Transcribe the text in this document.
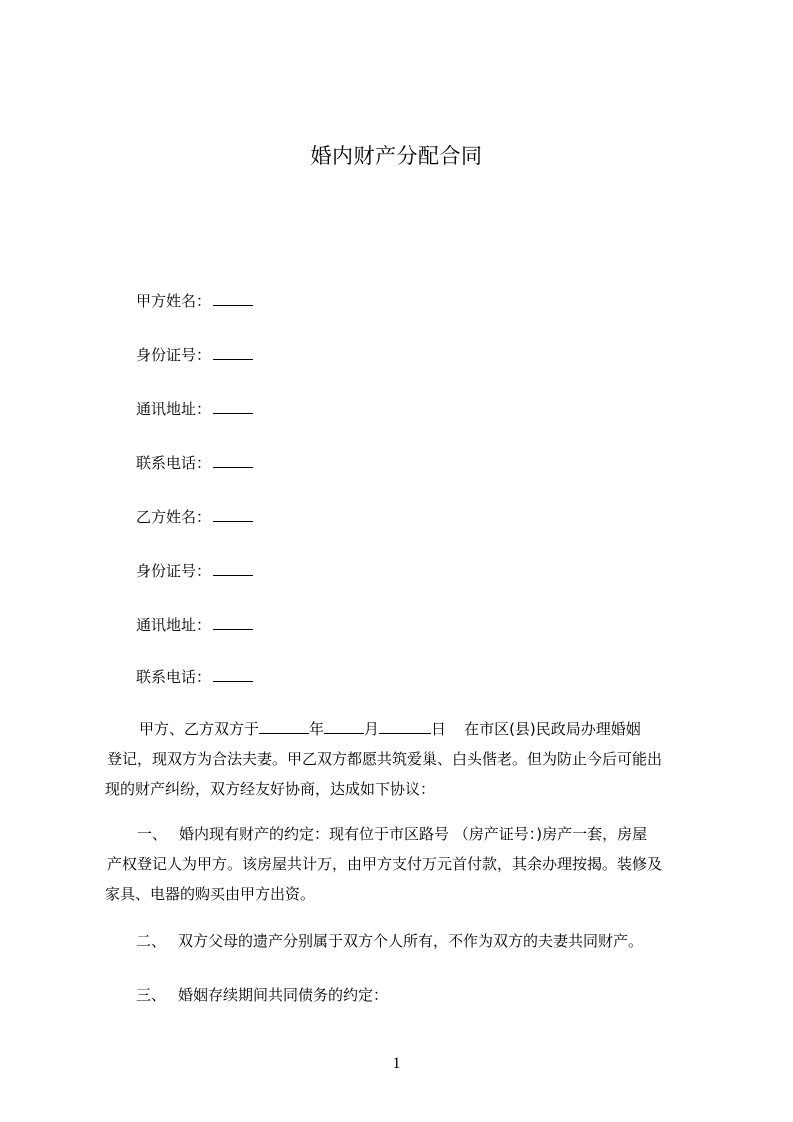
婚内财产分配合同
甲方姓名：
身份证号：
通讯地址：
联系电话：
乙方姓名：
身份证号：
通讯地址：
联系电话：

甲方、乙方双方于	年	月	日 在市区(县)民政局办理婚姻

登记，现双方为合法夫妻。甲乙双方都愿共筑爱巢、白头偕老。但为防止今后可能出

现的财产纠纷，双方经友好协商，达成如下协议：

一、 婚内现有财产的约定：现有位于市区路号 （房产证号：)房产一套，房屋

产权登记人为甲方。该房屋共计万，由甲方支付万元首付款，其余办理按揭。装修及

家具、电器的购买由甲方出资。

二、 双方父母的遗产分别属于双方个人所有，不作为双方的夫妻共同财产。
三、 婚姻存续期间共同债务的约定：
1
